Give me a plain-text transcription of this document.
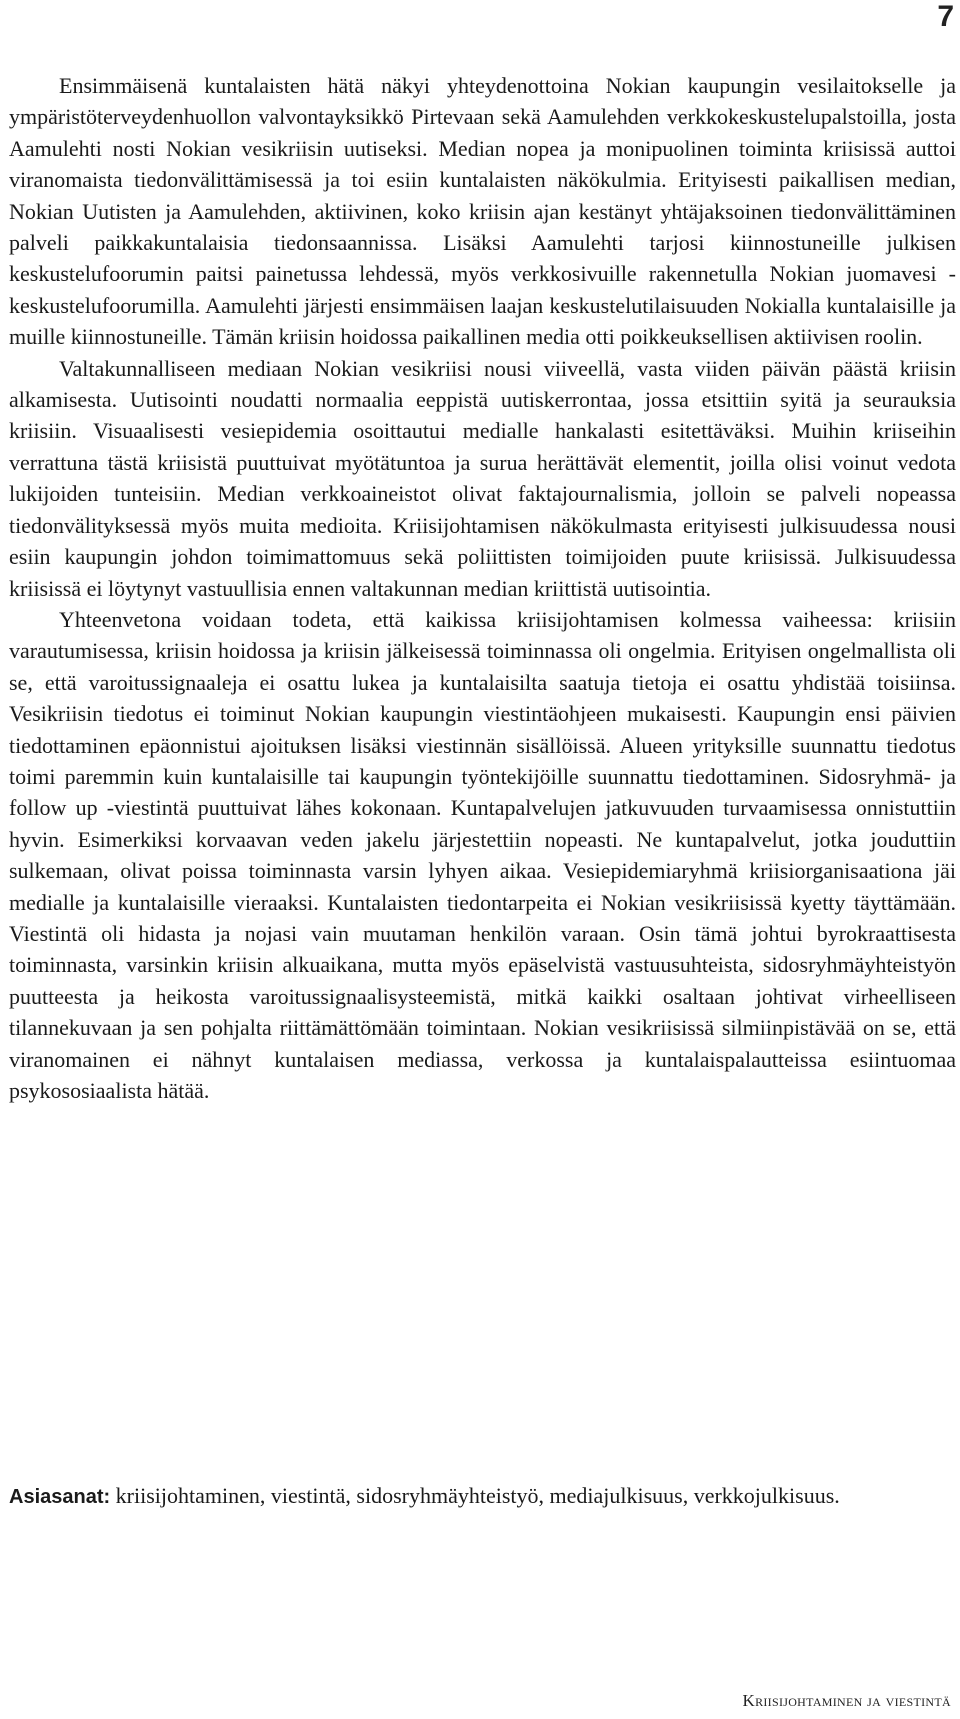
7

Ensimmäisenä kuntalaisten hätä näkyi yhteydenottoina Nokian kaupungin vesilaitokselle ja ympäristöterveydenhuollon valvontayksikkö Pirtevaan sekä Aamulehden verkkokeskustelupalstoilla, josta Aamulehti nosti Nokian vesikriisin uutiseksi. Median nopea ja monipuolinen toiminta kriisissä auttoi viranomaista tiedonvälittämisessä ja toi esiin kuntalaisten näkökulmia. Erityisesti paikallisen median, Nokian Uutisten ja Aamulehden, aktiivinen, koko kriisin ajan kestänyt yhtäjaksoinen tiedonvälittäminen palveli paikkakuntalaisia tiedonsaannissa. Lisäksi Aamulehti tarjosi kiinnostuneille julkisen keskustelufoorumin paitsi painetussa lehdessä, myös verkkosivuille rakennetulla Nokian juomavesi -keskustelufoorumilla. Aamulehti järjesti ensimmäisen laajan keskustelutilaisuuden Nokialla kuntalaisille ja muille kiinnostuneille. Tämän kriisin hoidossa paikallinen media otti poikkeuksellisen aktiivisen roolin.

Valtakunnalliseen mediaan Nokian vesikriisi nousi viiveellä, vasta viiden päivän päästä kriisin alkamisesta. Uutisointi noudatti normaalia eeppistä uutiskerrontaa, jossa etsittiin syitä ja seurauksia kriisiin. Visuaalisesti vesiepidemia osoittautui medialle hankalasti esitettäväksi. Muihin kriiseihin verrattuna tästä kriisistä puuttuivat myötätuntoa ja surua herättävät elementit, joilla olisi voinut vedota lukijoiden tunteisiin. Median verkkoaineistot olivat faktajournalismia, jolloin se palveli nopeassa tiedonvälityksessä myös muita medioita. Kriisijohtamisen näkökulmasta erityisesti julkisuudessa nousi esiin kaupungin johdon toimimattomuus sekä poliittisten toimijoiden puute kriisissä. Julkisuudessa kriisissä ei löytynyt vastuullisia ennen valtakunnan median kriittistä uutisointia.

Yhteenvetona voidaan todeta, että kaikissa kriisijohtamisen kolmessa vaiheessa: kriisiin varautumisessa, kriisin hoidossa ja kriisin jälkeisessä toiminnassa oli ongelmia. Erityisen ongelmallista oli se, että varoitussignaaleja ei osattu lukea ja kuntalaisilta saatuja tietoja ei osattu yhdistää toisiinsa. Vesikriisin tiedotus ei toiminut Nokian kaupungin viestintäohjeen mukaisesti. Kaupungin ensi päivien tiedottaminen epäonnistui ajoituksen lisäksi viestinnän sisällöissä. Alueen yrityksille suunnattu tiedotus toimi paremmin kuin kuntalaisille tai kaupungin työntekijöille suunnattu tiedottaminen. Sidosryhmä- ja follow up -viestintä puuttuivat lähes kokonaan. Kuntapalvelujen jatkuvuuden turvaamisessa onnistuttiin hyvin. Esimerkiksi korvaavan veden jakelu järjestettiin nopeasti. Ne kuntapalvelut, jotka jouduttiin sulkemaan, olivat poissa toiminnasta varsin lyhyen aikaa. Vesiepidemiaryhmä kriisiorganisaationa jäi medialle ja kuntalaisille vieraaksi. Kuntalaisten tiedontarpeita ei Nokian vesikriisissä kyetty täyttämään. Viestintä oli hidasta ja nojasi vain muutaman henkilön varaan. Osin tämä johtui byrokraattisesta toiminnasta, varsinkin kriisin alkuaikana, mutta myös epäselvistä vastuusuhteista, sidosryhmäyhteistyön puutteesta ja heikosta varoitussignaalisysteemistä, mitkä kaikki osaltaan johtivat virheelliseen tilannekuvaan ja sen pohjalta riittämättömään toimintaan. Nokian vesikriisissä silmiinpistävää on se, että viranomainen ei nähnyt kuntalaisen mediassa, verkossa ja kuntalaispalautteissa esiintuomaa psykososiaalista hätää.

Asiasanat: kriisijohtaminen, viestintä, sidosryhmäyhteistyö, mediajulkisuus, verkkojulkisuus.

Kriisijohtaminen ja viestintä
